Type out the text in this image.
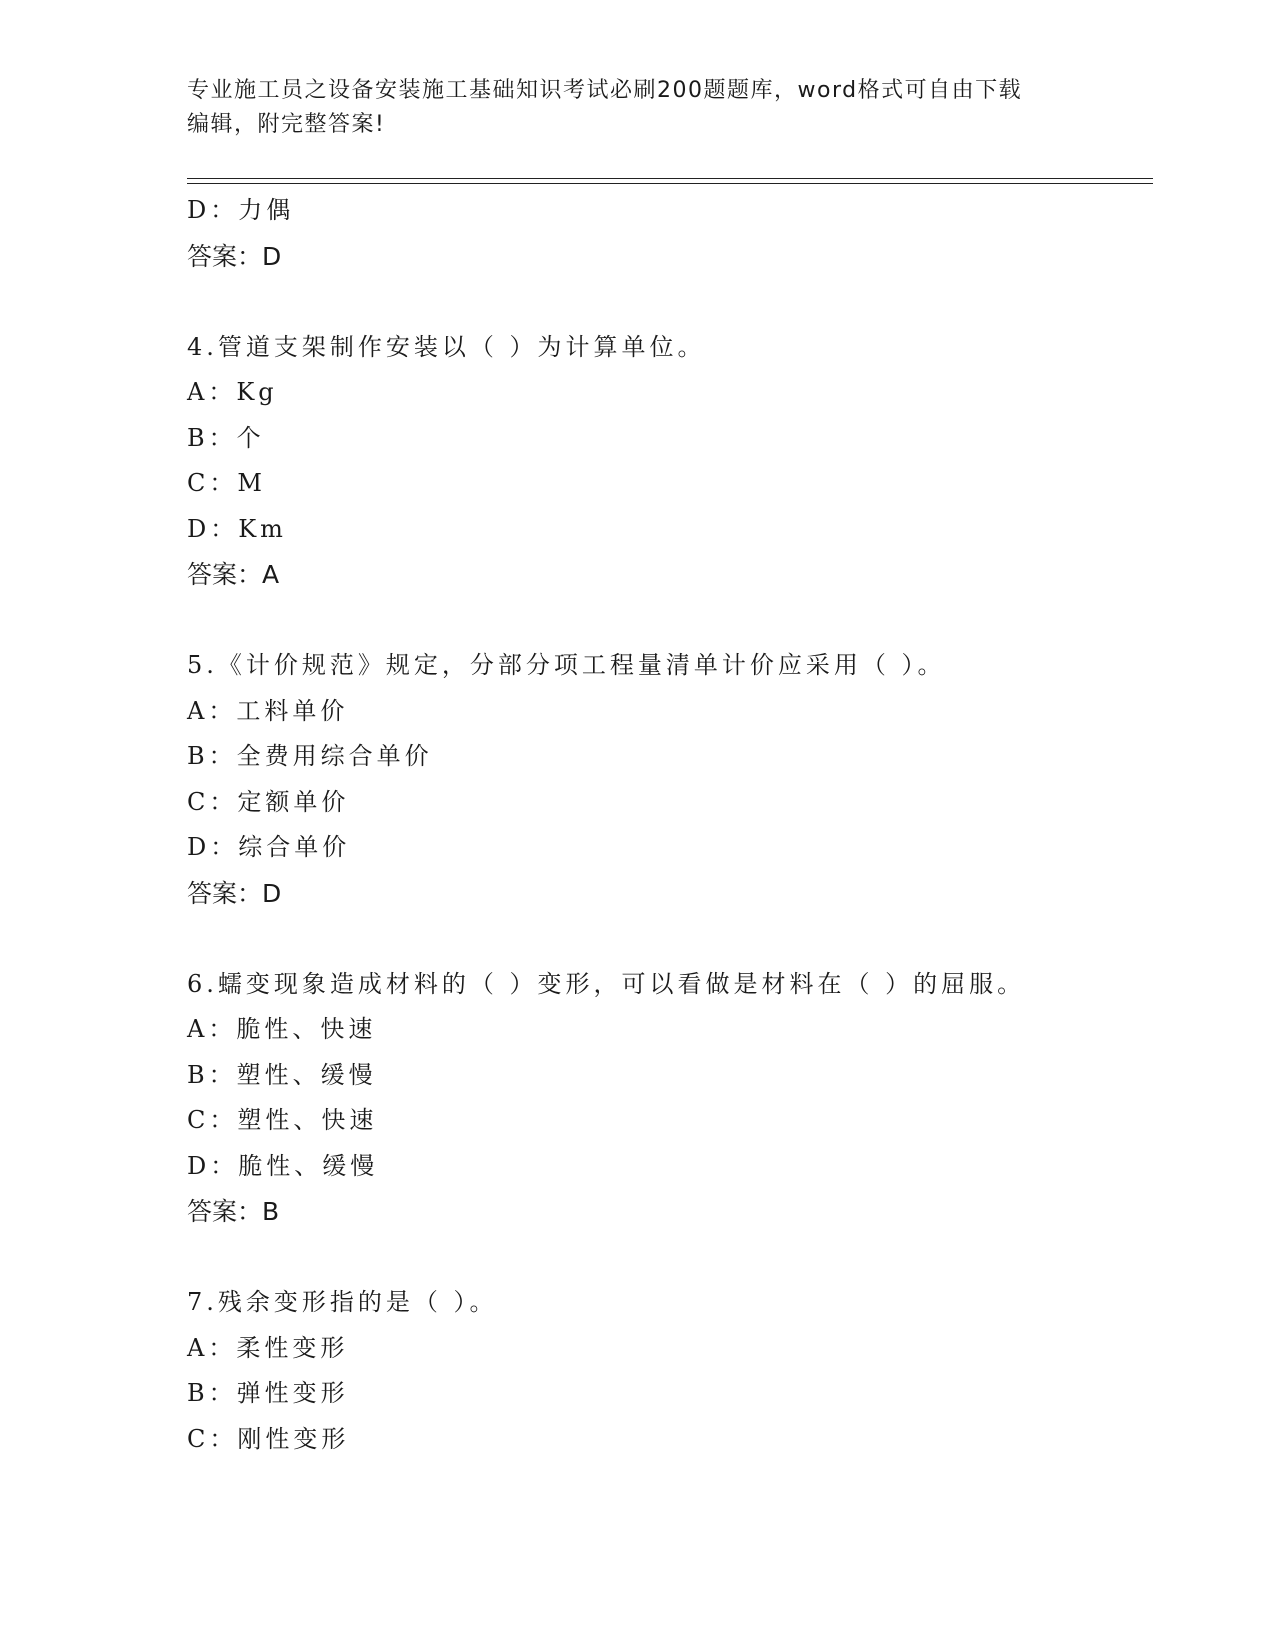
专业施工员之设备安装施工基础知识考试必刷200题题库，word格式可自由下载
编辑，附完整答案!
D：力偶
答案：D
4.管道支架制作安装以（ ）为计算单位。
A：Kg
B：个
C：M
D：Km
答案：A
5.《计价规范》规定，分部分项工程量清单计价应采用（ ）。
A：工料单价
B：全费用综合单价
C：定额单价
D：综合单价
答案：D
6.蠕变现象造成材料的（ ）变形，可以看做是材料在（ ）的屈服。
A：脆性、快速
B：塑性、缓慢
C：塑性、快速
D：脆性、缓慢
答案：B
7.残余变形指的是（ ）。
A：柔性变形
B：弹性变形
C：刚性变形
